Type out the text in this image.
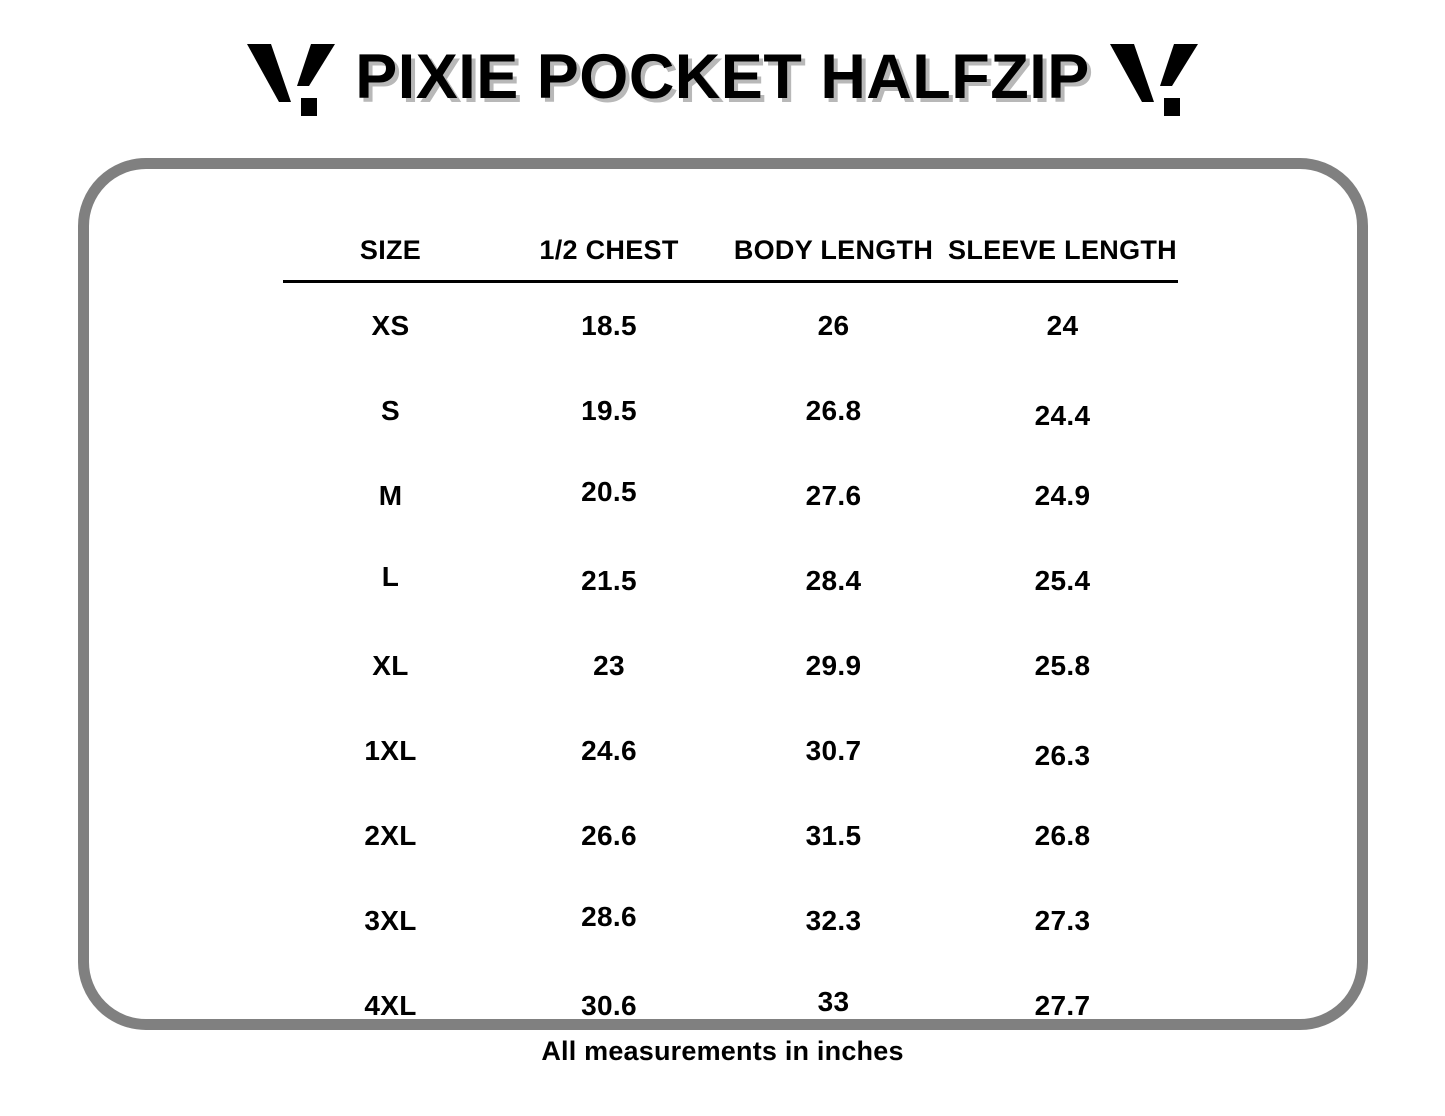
PIXIE POCKET HALFZIP
SIZE	1/2 CHEST	BODY LENGTH	SLEEVE LENGTH
XS	18.5	26	24
S	19.5	26.8	24.4
M	20.5	27.6	24.9
L	21.5	28.4	25.4
XL	23	29.9	25.8
1XL	24.6	30.7	26.3
2XL	26.6	31.5	26.8
3XL	28.6	32.3	27.3
4XL	30.6	33	27.7
All measurements in inches
